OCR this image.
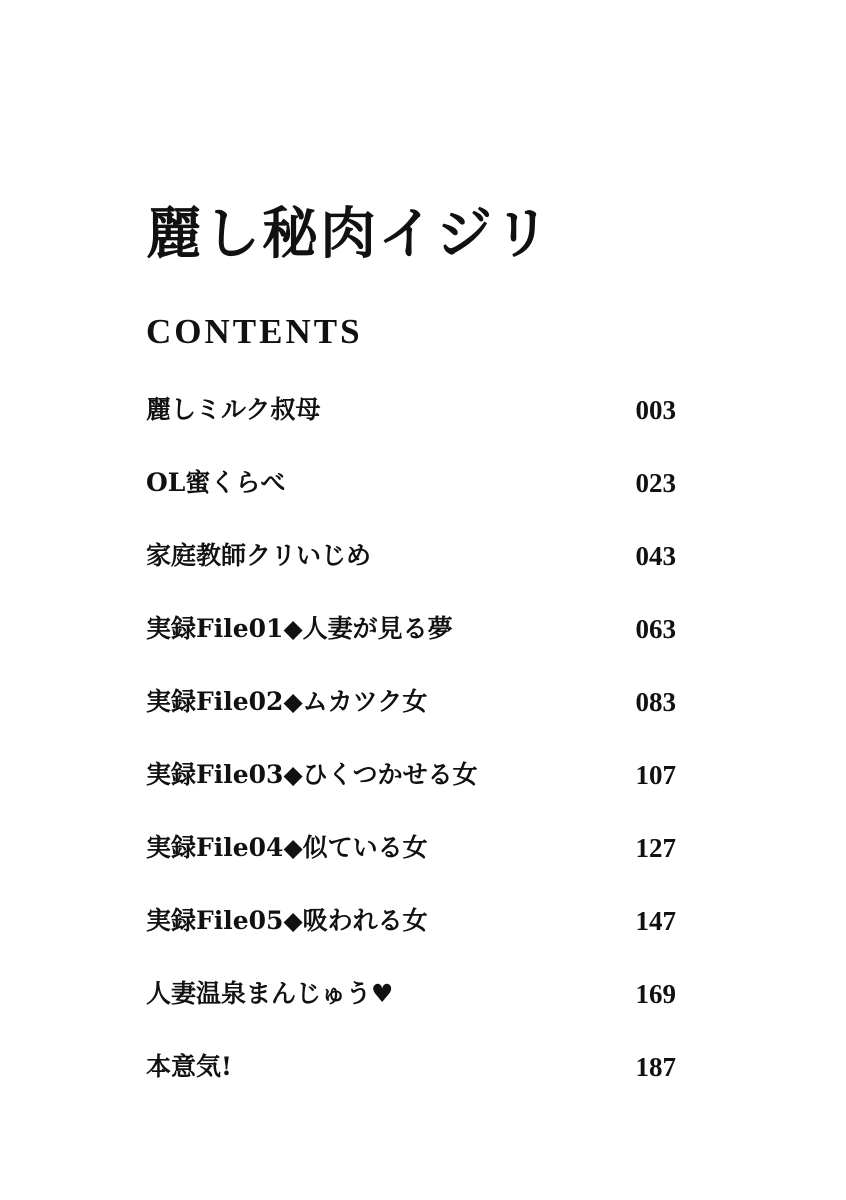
麗し秘肉イジリ
CONTENTS
麗しミルク叔母	003
OL蜜くらべ	023
家庭教師クリいじめ	043
実録File01◆人妻が見る夢	063
実録File02◆ムカツク女	083
実録File03◆ひくつかせる女	107
実録File04◆似ている女	127
実録File05◆吸われる女	147
人妻温泉まんじゅう♥	169
本意気!	187
